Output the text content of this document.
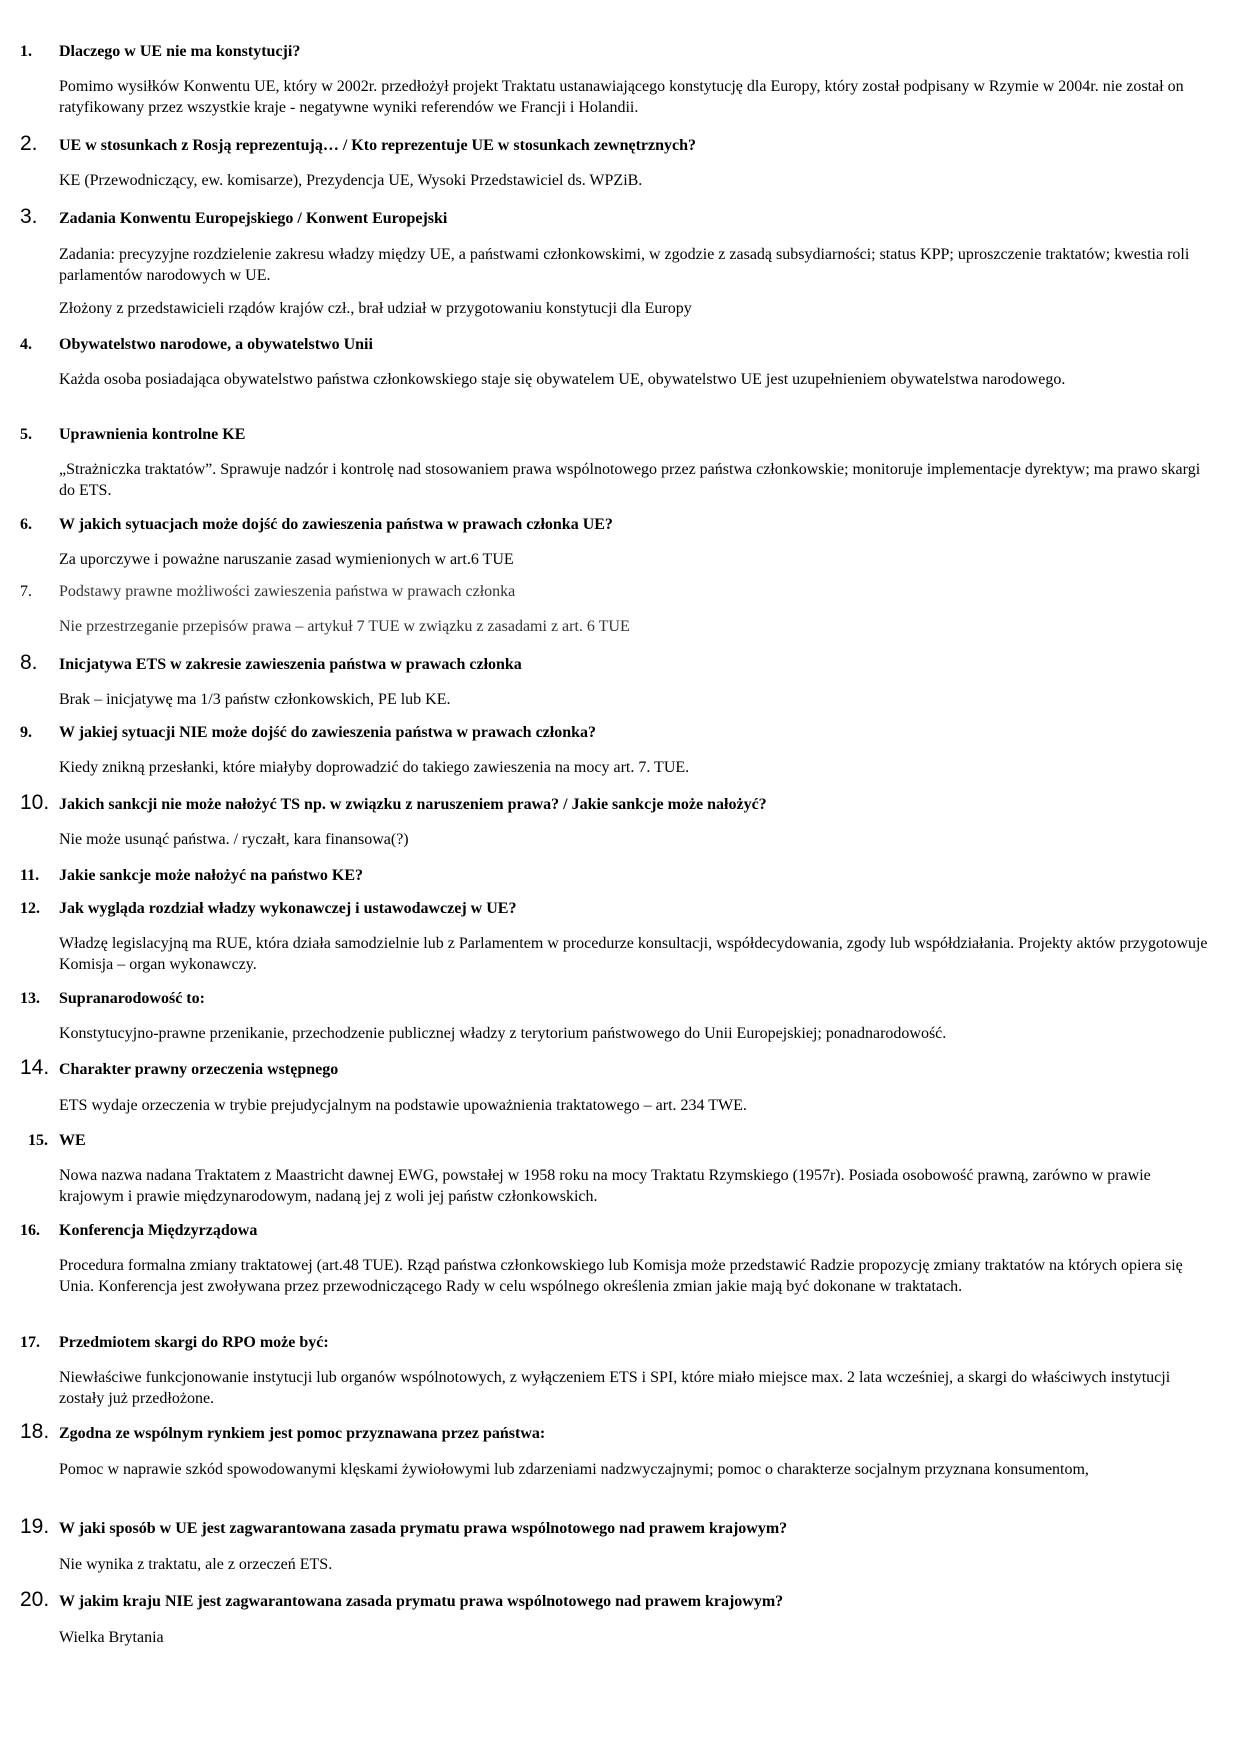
1.	Dlaczego w UE nie ma konstytucji?

Pomimo wysiłków Konwentu UE, który w 2002r. przedłożył projekt Traktatu ustanawiającego konstytucję dla Europy, który został podpisany w Rzymie w 2004r. nie został on ratyfikowany przez wszystkie kraje - negatywne wyniki referendów we Francji i Holandii.

2.	UE w stosunkach z Rosją reprezentują… / Kto reprezentuje UE w stosunkach zewnętrznych?

KE (Przewodniczący, ew. komisarze), Prezydencja UE, Wysoki Przedstawiciel ds. WPZiB.

3.	Zadania Konwentu Europejskiego / Konwent Europejski

Zadania: precyzyjne rozdzielenie zakresu władzy między UE, a państwami członkowskimi, w zgodzie z zasadą subsydiarności; status KPP; uproszczenie traktatów; kwestia roli parlamentów narodowych w UE.

Złożony z przedstawicieli rządów krajów czł., brał udział w przygotowaniu konstytucji dla Europy

4.	Obywatelstwo narodowe, a obywatelstwo Unii

Każda osoba posiadająca obywatelstwo państwa członkowskiego staje się obywatelem UE, obywatelstwo UE jest uzupełnieniem obywatelstwa narodowego.

5.	Uprawnienia kontrolne KE

„Strażniczka traktatów”. Sprawuje nadzór i kontrolę nad stosowaniem prawa wspólnotowego przez państwa członkowskie; monitoruje implementacje dyrektyw; ma prawo skargi do ETS.

6.	W jakich sytuacjach może dojść do zawieszenia państwa w prawach członka UE?

Za uporczywe i poważne naruszanie zasad wymienionych w art.6 TUE

7.	Podstawy prawne możliwości zawieszenia państwa w prawach członka

Nie przestrzeganie przepisów prawa – artykuł 7 TUE w związku z zasadami z art. 6 TUE

8.	Inicjatywa ETS w zakresie zawieszenia państwa w prawach członka

Brak – inicjatywę ma 1/3 państw członkowskich, PE lub KE.

9.	W jakiej sytuacji NIE może dojść do zawieszenia państwa w prawach członka?

Kiedy znikną przesłanki, które miałyby doprowadzić do takiego zawieszenia na mocy art. 7. TUE.

10. Jakich sankcji nie może nałożyć TS np. w związku z naruszeniem prawa? / Jakie sankcje może nałożyć?

Nie może usunąć państwa. / ryczałt, kara finansowa(?)

11.	Jakie sankcje może nałożyć na państwo KE?
12.	Jak wygląda rozdział władzy wykonawczej i ustawodawczej w UE?

Władzę legislacyjną ma RUE, która działa samodzielnie lub z Parlamentem w procedurze konsultacji, współdecydowania, zgody lub współdziałania. Projekty aktów przygotowuje Komisja – organ wykonawczy.

13.	Supranarodowość to:

Konstytucyjno-prawne przenikanie, przechodzenie publicznej władzy z terytorium państwowego do Unii Europejskiej; ponadnarodowość.

14. Charakter prawny orzeczenia wstępnego

ETS wydaje orzeczenia w trybie prejudycjalnym na podstawie upoważnienia traktatowego – art. 234 TWE.

15. WE

Nowa nazwa nadana Traktatem z Maastricht dawnej EWG, powstałej w 1958 roku na mocy Traktatu Rzymskiego (1957r). Posiada osobowość prawną, zarówno w prawie krajowym i prawie międzynarodowym, nadaną jej z woli jej państw członkowskich.

16.	Konferencja Międzyrządowa

Procedura formalna zmiany traktatowej (art.48 TUE). Rząd państwa członkowskiego lub Komisja może przedstawić Radzie propozycję zmiany traktatów na których opiera się Unia. Konferencja jest zwoływana przez przewodniczącego Rady w celu wspólnego określenia zmian jakie mają być dokonane w traktatach.

17.	Przedmiotem skargi do RPO może być:

Niewłaściwe funkcjonowanie instytucji lub organów wspólnotowych, z wyłączeniem ETS i SPI, które miało miejsce max. 2 lata wcześniej, a skargi do właściwych instytucji zostały już przedłożone.

18. Zgodna ze wspólnym rynkiem jest pomoc przyznawana przez państwa:

Pomoc w naprawie szkód spowodowanymi klęskami żywiołowymi lub zdarzeniami nadzwyczajnymi; pomoc o charakterze socjalnym przyznana konsumentom,

19. W jaki sposób w UE jest zagwarantowana zasada prymatu prawa wspólnotowego nad prawem krajowym?

Nie wynika z traktatu, ale z orzeczeń ETS.

20. W jakim kraju NIE jest zagwarantowana zasada prymatu prawa wspólnotowego nad prawem krajowym?

Wielka Brytania
